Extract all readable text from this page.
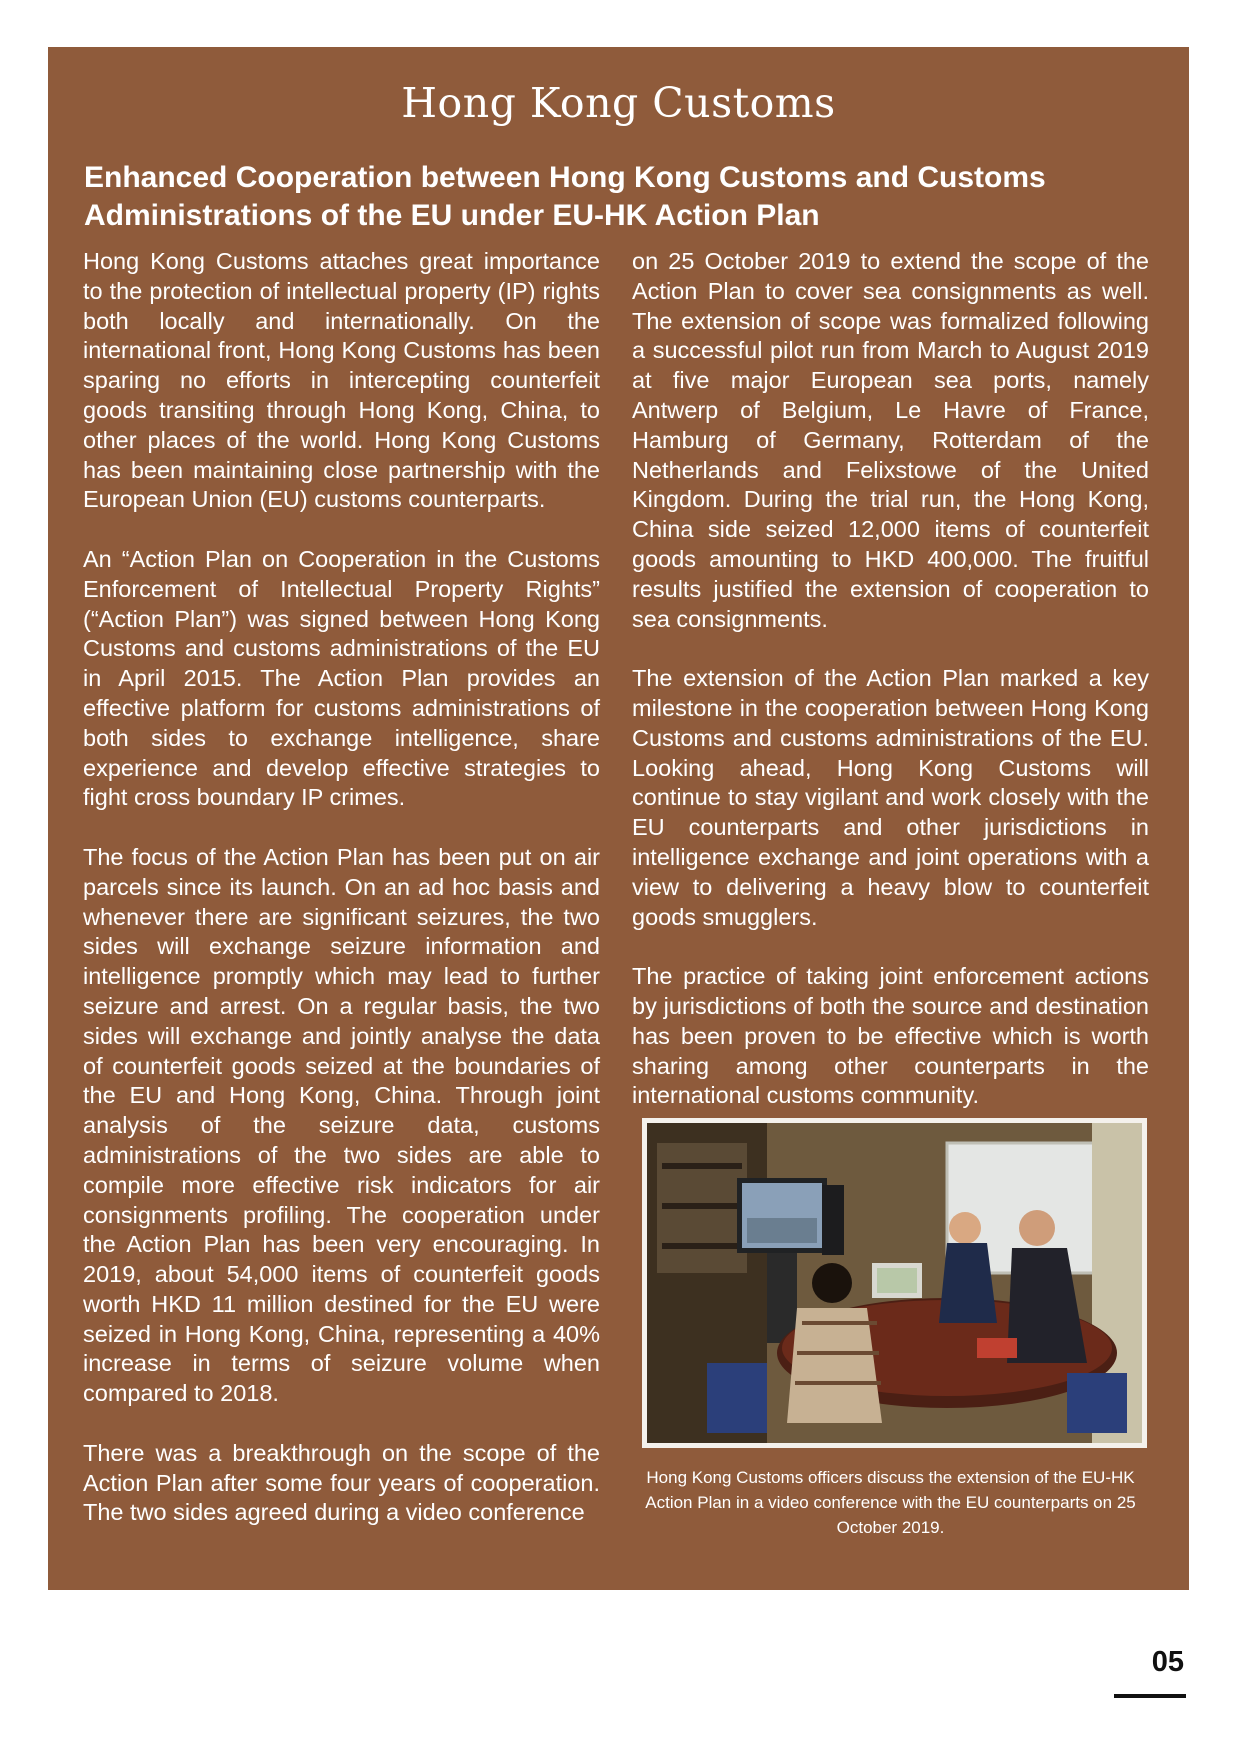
Hong Kong Customs
Enhanced Cooperation between Hong Kong Customs and Customs Administrations of the EU under EU-HK Action Plan

Hong Kong Customs attaches great importance to the protection of intellectual property (IP) rights both locally and internationally. On the international front, Hong Kong Customs has been sparing no efforts in intercepting counterfeit goods transiting through Hong Kong, China, to other places of the world. Hong Kong Customs has been maintaining close partnership with the European Union (EU) customs counterparts.

An “Action Plan on Cooperation in the Customs Enforcement of Intellectual Property Rights” (“Action Plan”) was signed between Hong Kong Customs and customs administrations of the EU in April 2015. The Action Plan provides an effective platform for customs administrations of both sides to exchange intelligence, share experience and develop effective strategies to fight cross boundary IP crimes.

The focus of the Action Plan has been put on air parcels since its launch. On an ad hoc basis and whenever there are significant seizures, the two sides will exchange seizure information and intelligence promptly which may lead to further seizure and arrest. On a regular basis, the two sides will exchange and jointly analyse the data of counterfeit goods seized at the boundaries of the EU and Hong Kong, China. Through joint analysis of the seizure data, customs administrations of the two sides are able to compile more effective risk indicators for air consignments profiling. The cooperation under the Action Plan has been very encouraging. In 2019, about 54,000 items of counterfeit goods worth HKD 11 million destined for the EU were seized in Hong Kong, China, representing a 40% increase in terms of seizure volume when compared to 2018.

There was a breakthrough on the scope of the Action Plan after some four years of cooperation. The two sides agreed during a video conference

on 25 October 2019 to extend the scope of the Action Plan to cover sea consignments as well. The extension of scope was formalized following a successful pilot run from March to August 2019 at five major European sea ports, namely Antwerp of Belgium, Le Havre of France, Hamburg of Germany, Rotterdam of the Netherlands and Felixstowe of the United Kingdom. During the trial run, the Hong Kong, China side seized 12,000 items of counterfeit goods amounting to HKD 400,000. The fruitful results justified the extension of cooperation to sea consignments.

The extension of the Action Plan marked a key milestone in the cooperation between Hong Kong Customs and customs administrations of the EU. Looking ahead, Hong Kong Customs will continue to stay vigilant and work closely with the EU counterparts and other jurisdictions in intelligence exchange and joint operations with a view to delivering a heavy blow to counterfeit goods smugglers.

The practice of taking joint enforcement actions by jurisdictions of both the source and destination has been proven to be effective which is worth sharing among other counterparts in the international customs community.

Hong Kong Customs officers discuss the extension of the EU-HK Action Plan in a video conference with the EU counterparts on 25 October 2019.
05
